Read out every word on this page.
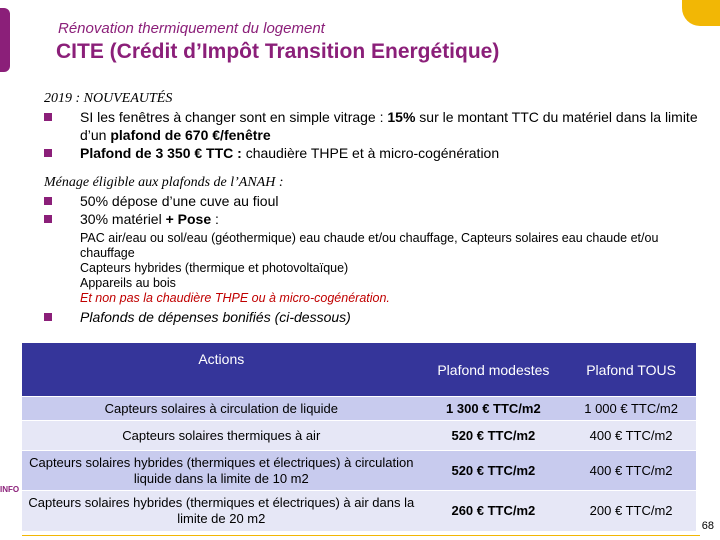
Rénovation thermiquement du logement
CITE (Crédit d’Impôt Transition Energétique)
2019 : NOUVEAUTÉS
SI les fenêtres à changer sont en simple vitrage : 15% sur le montant TTC du matériel dans la limite d’un plafond de 670 €/fenêtre
Plafond de 3 350 € TTC : chaudière THPE et à micro-cogénération
Ménage éligible aux plafonds de l’ANAH :
50% dépose d’une cuve au fioul
30% matériel + Pose :
PAC air/eau ou sol/eau (géothermique) eau chaude et/ou chauffage, Capteurs solaires eau chaude et/ou chauffage
Capteurs hybrides (thermique et photovoltaïque)
Appareils au bois
Et non pas la chaudière THPE ou à micro-cogénération.
Plafonds de dépenses bonifiés (ci-dessous)
Actions	Plafond modestes	Plafond TOUS
Capteurs solaires à circulation de liquide	1 300 € TTC/m2	1 000 € TTC/m2
Capteurs solaires thermiques à air	520 € TTC/m2	400 € TTC/m2
Capteurs solaires hybrides (thermiques et électriques) à circulation liquide dans la limite de 10 m2	520 € TTC/m2	400 € TTC/m2
Capteurs solaires hybrides (thermiques et électriques) à air dans la limite de 20 m2	260 € TTC/m2	200 € TTC/m2
INFO
68
